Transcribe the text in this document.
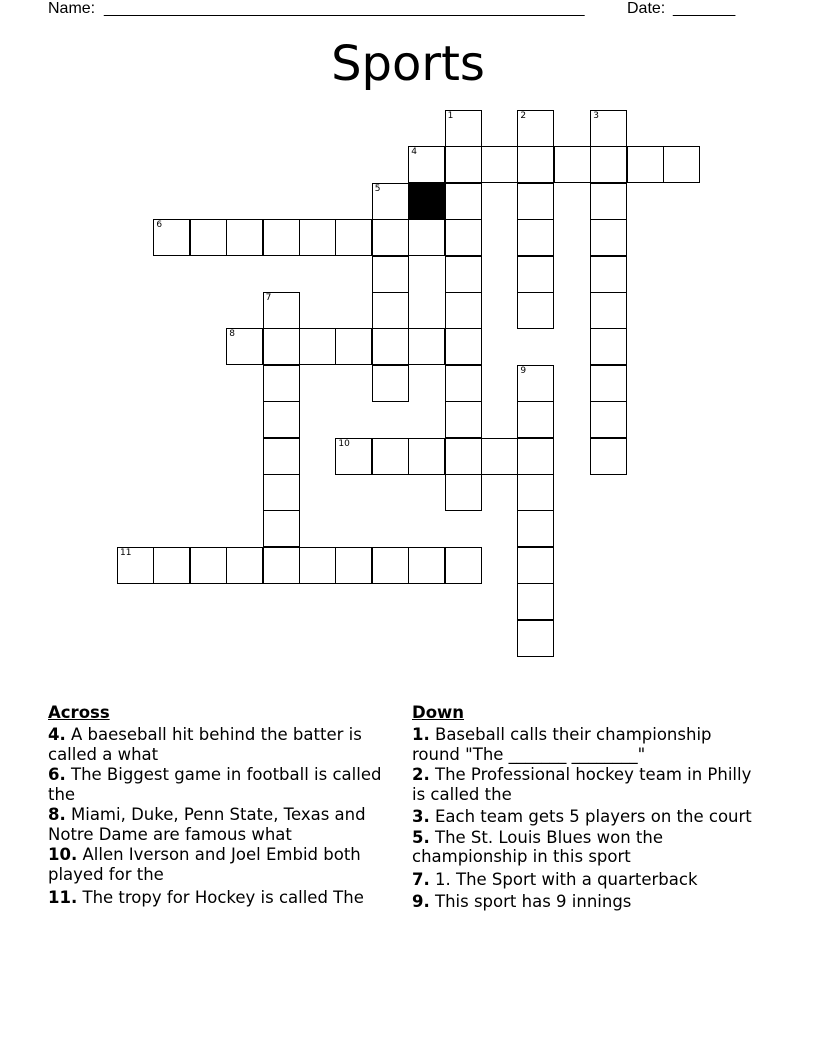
Name: ______________________________________________________	Date: _______
Sports
1	2	3
4
5
6
7
8
9
10
11
Across
4. A baeseball hit behind the batter is called a what
6. The Biggest game in football is called the
8. Miami, Duke, Penn State, Texas and Notre Dame are famous what
10. Allen Iverson and Joel Embid both played for the
11. The tropy for Hockey is called The
Down
1. Baseball calls their championship round "The _______ ________"
2. The Professional hockey team in Philly is called the
3. Each team gets 5 players on the court
5. The St. Louis Blues won the championship in this sport
7. 1. The Sport with a quarterback
9. This sport has 9 innings
